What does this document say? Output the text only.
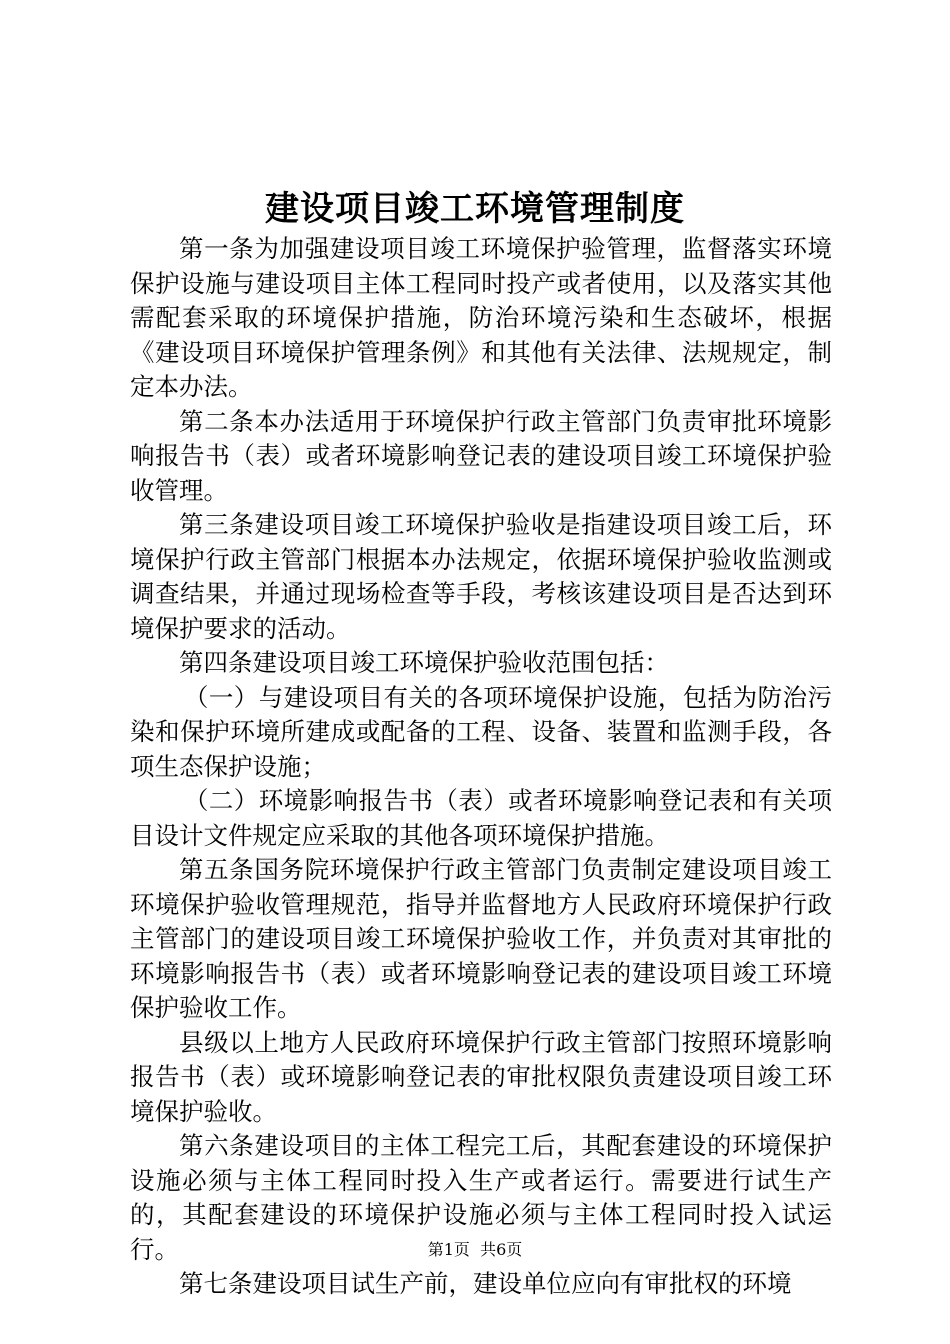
建设项目竣工环境管理制度

第一条为加强建设项目竣工环境保护验管理，监督落实环境保护设施与建设项目主体工程同时投产或者使用，以及落实其他需配套采取的环境保护措施，防治环境污染和生态破坏，根据《建设项目环境保护管理条例》和其他有关法律、法规规定，制定本办法。

第二条本办法适用于环境保护行政主管部门负责审批环境影响报告书（表）或者环境影响登记表的建设项目竣工环境保护验收管理。

第三条建设项目竣工环境保护验收是指建设项目竣工后，环境保护行政主管部门根据本办法规定，依据环境保护验收监测或调查结果，并通过现场检查等手段，考核该建设项目是否达到环境保护要求的活动。

第四条建设项目竣工环境保护验收范围包括：

（一）与建设项目有关的各项环境保护设施，包括为防治污染和保护环境所建成或配备的工程、设备、装置和监测手段，各项生态保护设施；

（二）环境影响报告书（表）或者环境影响登记表和有关项目设计文件规定应采取的其他各项环境保护措施。

第五条国务院环境保护行政主管部门负责制定建设项目竣工环境保护验收管理规范，指导并监督地方人民政府环境保护行政主管部门的建设项目竣工环境保护验收工作，并负责对其审批的环境影响报告书（表）或者环境影响登记表的建设项目竣工环境保护验收工作。

县级以上地方人民政府环境保护行政主管部门按照环境影响报告书（表）或环境影响登记表的审批权限负责建设项目竣工环境保护验收。

第六条建设项目的主体工程完工后，其配套建设的环境保护设施必须与主体工程同时投入生产或者运行。需要进行试生产的，其配套建设的环境保护设施必须与主体工程同时投入试运行。

第七条建设项目试生产前，建设单位应向有审批权的环境

第1页  共6页
